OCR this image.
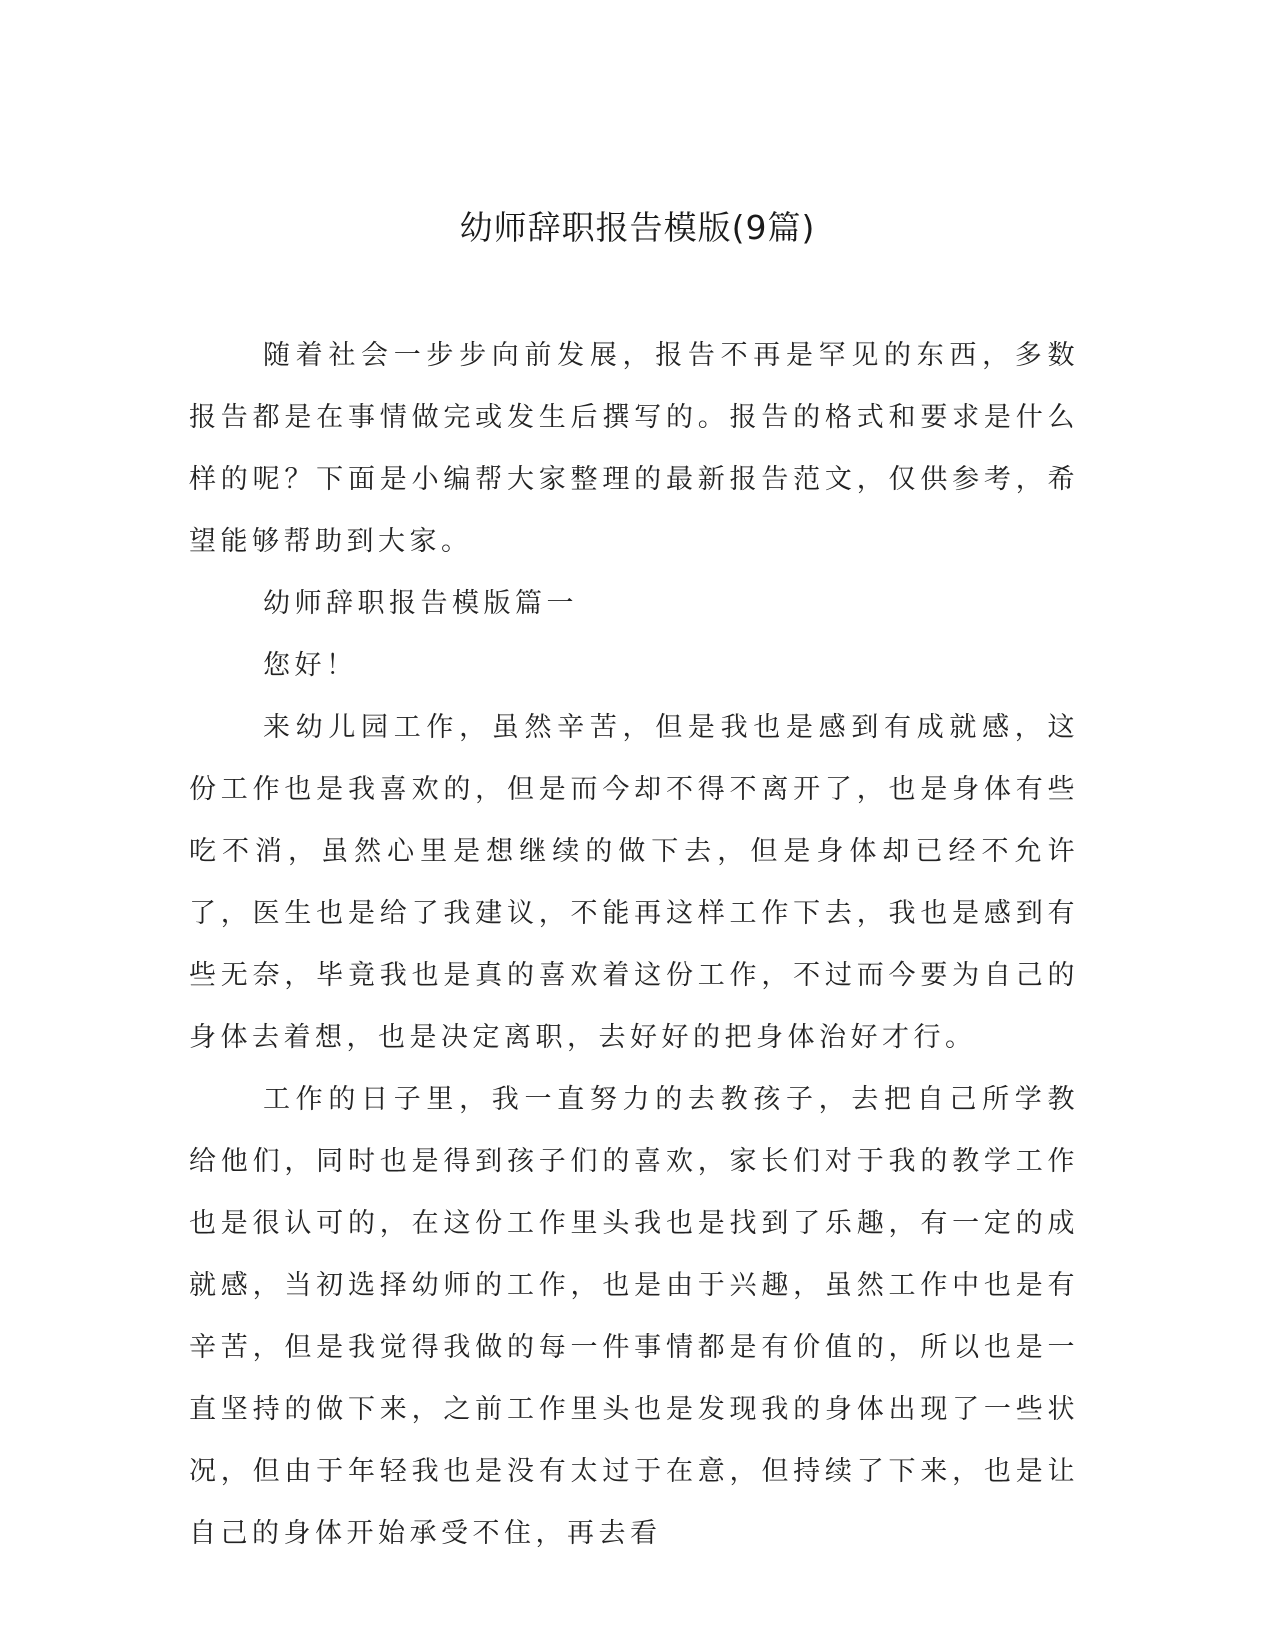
幼师辞职报告模版(9篇)

随着社会一步步向前发展，报告不再是罕见的东西，多数报告都是在事情做完或发生后撰写的。报告的格式和要求是什么样的呢？下面是小编帮大家整理的最新报告范文，仅供参考，希望能够帮助到大家。

幼师辞职报告模版篇一

您好！

来幼儿园工作，虽然辛苦，但是我也是感到有成就感，这份工作也是我喜欢的，但是而今却不得不离开了，也是身体有些吃不消，虽然心里是想继续的做下去，但是身体却已经不允许了，医生也是给了我建议，不能再这样工作下去，我也是感到有些无奈，毕竟我也是真的喜欢着这份工作，不过而今要为自己的身体去着想，也是决定离职，去好好的把身体治好才行。

工作的日子里，我一直努力的去教孩子，去把自己所学教给他们，同时也是得到孩子们的喜欢，家长们对于我的教学工作也是很认可的，在这份工作里头我也是找到了乐趣，有一定的成就感，当初选择幼师的工作，也是由于兴趣，虽然工作中也是有辛苦，但是我觉得我做的每一件事情都是有价值的，所以也是一直坚持的做下来，之前工作里头也是发现我的身体出现了一些状况，但由于年轻我也是没有太过于在意，但持续了下来，也是让自己的身体开始承受不住，再去看
